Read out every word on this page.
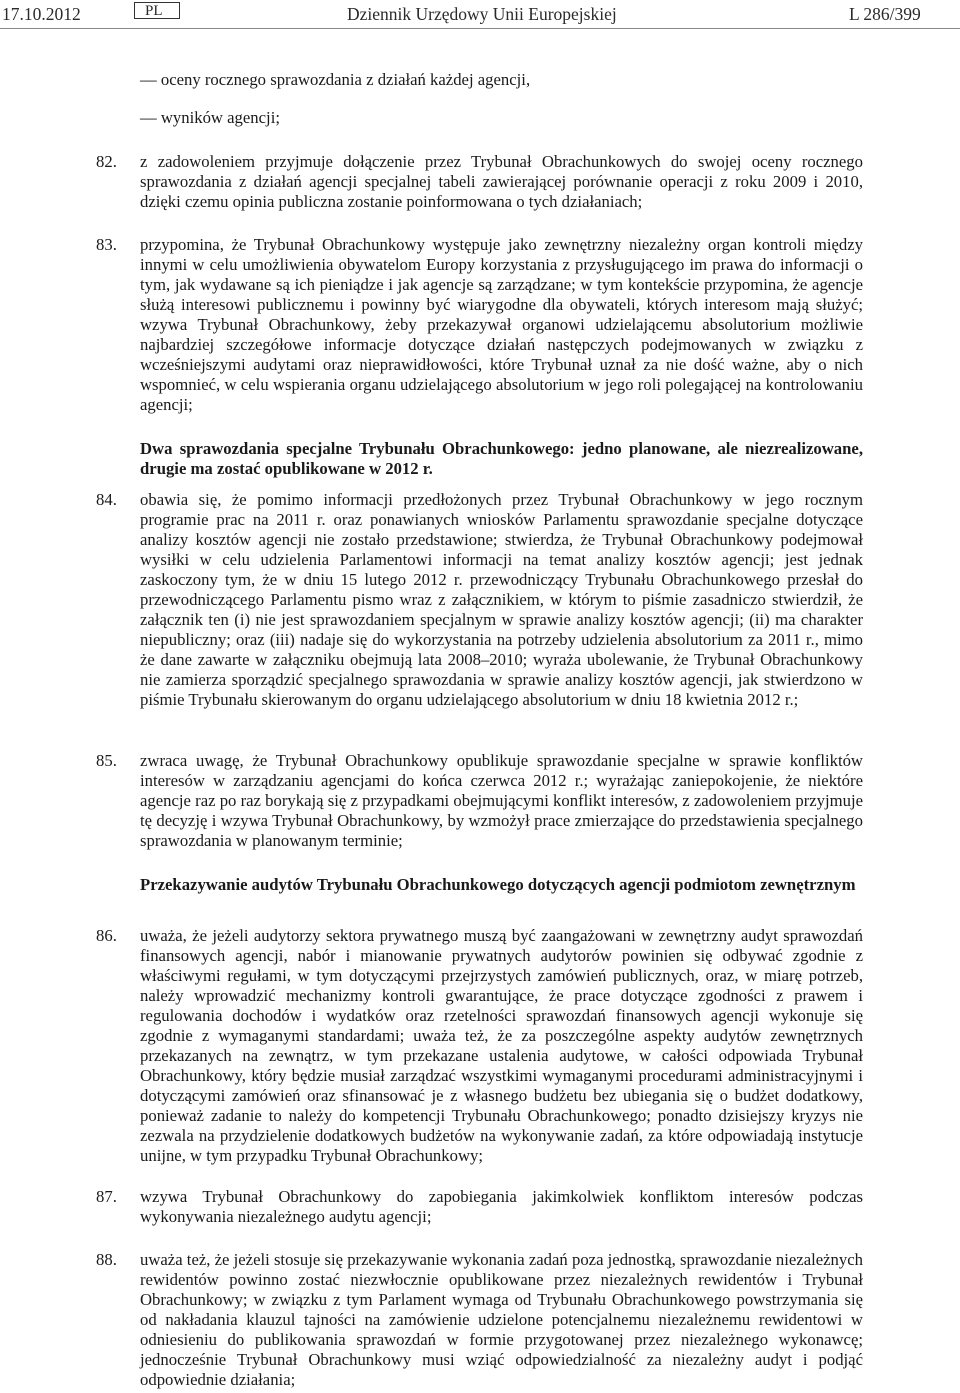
17.10.2012	PL	Dziennik Urzędowy Unii Europejskiej	L 286/399
— oceny rocznego sprawozdania z działań każdej agencji,
— wyników agencji;
82. z zadowoleniem przyjmuje dołączenie przez Trybunał Obrachunkowych do swojej oceny rocznego sprawozdania z działań agencji specjalnej tabeli zawierającej porównanie operacji z roku 2009 i 2010, dzięki czemu opinia publiczna zostanie poinformowana o tych działaniach;
83. przypomina, że Trybunał Obrachunkowy występuje jako zewnętrzny niezależny organ kontroli między innymi w celu umożliwienia obywatelom Europy korzystania z przysługującego im prawa do informacji o tym, jak wydawane są ich pieniądze i jak agencje są zarządzane; w tym kontekście przypomina, że agencje służą interesowi publicznemu i powinny być wiarygodne dla obywateli, których interesom mają służyć; wzywa Trybunał Obrachunkowy, żeby przekazywał organowi udzielającemu absolutorium możliwie najbardziej szczegółowe informacje dotyczące działań następczych podejmowanych w związku z wcześniejszymi audytami oraz nieprawidłowości, które Trybunał uznał za nie dość ważne, aby o nich wspomnieć, w celu wspierania organu udzielającego absolutorium w jego roli polegającej na kontrolowaniu agencji;
Dwa sprawozdania specjalne Trybunału Obrachunkowego: jedno planowane, ale niezrealizowane, drugie ma zostać opublikowane w 2012 r.
84. obawia się, że pomimo informacji przedłożonych przez Trybunał Obrachunkowy w jego rocznym programie prac na 2011 r. oraz ponawianych wniosków Parlamentu sprawozdanie specjalne dotyczące analizy kosztów agencji nie zostało przedstawione; stwierdza, że Trybunał Obrachunkowy podejmował wysiłki w celu udzielenia Parlamentowi informacji na temat analizy kosztów agencji; jest jednak zaskoczony tym, że w dniu 15 lutego 2012 r. przewodniczący Trybunału Obrachunkowego przesłał do przewodniczącego Parlamentu pismo wraz z załącznikiem, w którym to piśmie zasadniczo stwierdził, że załącznik ten (i) nie jest sprawozdaniem specjalnym w sprawie analizy kosztów agencji; (ii) ma charakter niepubliczny; oraz (iii) nadaje się do wykorzystania na potrzeby udzielenia absolutorium za 2011 r., mimo że dane zawarte w załączniku obejmują lata 2008–2010; wyraża ubolewanie, że Trybunał Obrachunkowy nie zamierza sporządzić specjalnego sprawozdania w sprawie analizy kosztów agencji, jak stwierdzono w piśmie Trybunału skierowanym do organu udzielającego absolutorium w dniu 18 kwietnia 2012 r.;
85. zwraca uwagę, że Trybunał Obrachunkowy opublikuje sprawozdanie specjalne w sprawie konfliktów interesów w zarządzaniu agencjami do końca czerwca 2012 r.; wyrażając zaniepokojenie, że niektóre agencje raz po raz borykają się z przypadkami obejmującymi konflikt interesów, z zadowoleniem przyjmuje tę decyzję i wzywa Trybunał Obrachunkowy, by wzmożył prace zmierzające do przedstawienia specjalnego sprawozdania w planowanym terminie;
Przekazywanie audytów Trybunału Obrachunkowego dotyczących agencji podmiotom zewnętrznym
86. uważa, że jeżeli audytorzy sektora prywatnego muszą być zaangażowani w zewnętrzny audyt sprawozdań finansowych agencji, nabór i mianowanie prywatnych audytorów powinien się odbywać zgodnie z właściwymi regułami, w tym dotyczącymi przejrzystych zamówień publicznych, oraz, w miarę potrzeb, należy wprowadzić mechanizmy kontroli gwarantujące, że prace dotyczące zgodności z prawem i regulowania dochodów i wydatków oraz rzetelności sprawozdań finansowych agencji wykonuje się zgodnie z wymaganymi standardami; uważa też, że za poszczególne aspekty audytów zewnętrznych przekazanych na zewnątrz, w tym przekazane ustalenia audytowe, w całości odpowiada Trybunał Obrachunkowy, który będzie musiał zarządzać wszystkimi wymaganymi procedurami administracyjnymi i dotyczącymi zamówień oraz sfinansować je z własnego budżetu bez ubiegania się o budżet dodatkowy, ponieważ zadanie to należy do kompetencji Trybunału Obrachunkowego; ponadto dzisiejszy kryzys nie zezwala na przydzielenie dodatkowych budżetów na wykonywanie zadań, za które odpowiadają instytucje unijne, w tym przypadku Trybunał Obrachunkowy;
87. wzywa Trybunał Obrachunkowy do zapobiegania jakimkolwiek konfliktom interesów podczas wykonywania niezależnego audytu agencji;
88. uważa też, że jeżeli stosuje się przekazywanie wykonania zadań poza jednostką, sprawozdanie niezależnych rewidentów powinno zostać niezwłocznie opublikowane przez niezależnych rewidentów i Trybunał Obrachunkowy; w związku z tym Parlament wymaga od Trybunału Obrachunkowego powstrzymania się od nakładania klauzul tajności na zamówienie udzielone potencjalnemu niezależnemu rewidentowi w odniesieniu do publikowania sprawozdań w formie przygotowanej przez niezależnego wykonawcę; jednocześnie Trybunał Obrachunkowy musi wziąć odpowiedzialność za niezależny audyt i podjąć odpowiednie działania;
